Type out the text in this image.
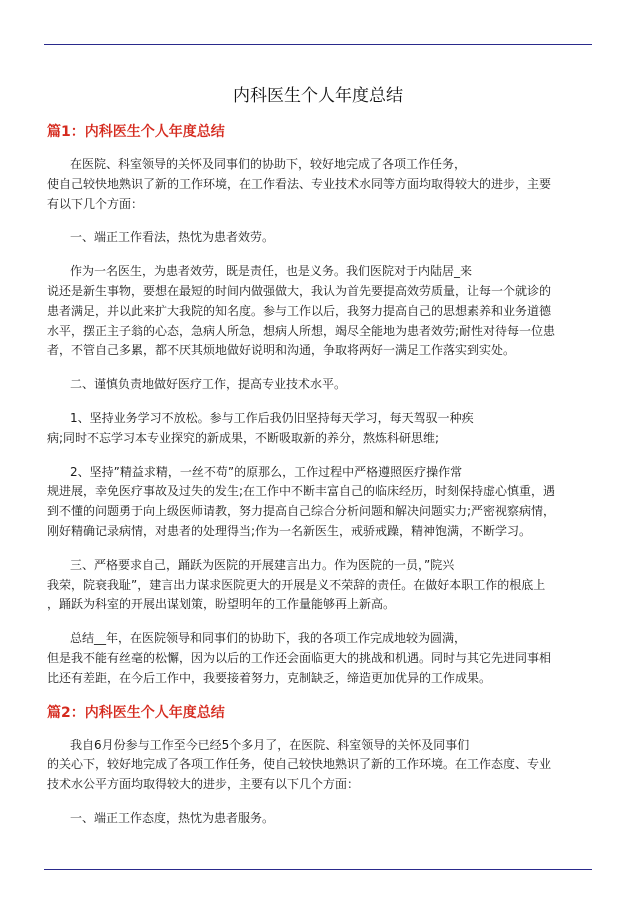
内科医生个人年度总结
篇1：内科医生个人年度总结
在医院、科室领导的关怀及同事们的协助下，较好地完成了各项工作任务，
使自己较快地熟识了新的工作环境，在工作看法、专业技术水同等方面均取得较大的进步，主要
有以下几个方面：
一、端正工作看法，热忱为患者效劳。
作为一名医生，为患者效劳，既是责任，也是义务。我们医院对于内陆居_来
说还是新生事物，要想在最短的时间内做强做大，我认为首先要提高效劳质量，让每一个就诊的
患者满足，并以此来扩大我院的知名度。参与工作以后，我努力提高自己的思想素养和业务道德
水平，摆正主子翁的心态，急病人所急，想病人所想，竭尽全能地为患者效劳;耐性对待每一位患
者，不管自己多累，都不厌其烦地做好说明和沟通，争取将两好一满足工作落实到实处。
二、谨慎负责地做好医疗工作，提高专业技术水平。
1、坚持业务学习不放松。参与工作后我仍旧坚持每天学习，每天驾驭一种疾
病;同时不忘学习本专业探究的新成果，不断吸取新的养分，熬炼科研思维;
2、坚持”精益求精，一丝不苟”的原那么，工作过程中严格遵照医疗操作常
规进展，幸免医疗事故及过失的发生;在工作中不断丰富自己的临床经历，时刻保持虚心慎重，遇
到不懂的问题勇于向上级医师请教，努力提高自己综合分析问题和解决问题实力;严密视察病情，
刚好精确记录病情，对患者的处理得当;作为一名新医生，戒骄戒躁，精神饱满，不断学习。
三、严格要求自己，踊跃为医院的开展建言出力。作为医院的一员，”院兴
我荣，院衰我耻”，建言出力谋求医院更大的开展是义不荣辞的责任。在做好本职工作的根底上
，踊跃为科室的开展出谋划策，盼望明年的工作量能够再上新高。
总结__年，在医院领导和同事们的协助下，我的各项工作完成地较为圆满，
但是我不能有丝毫的松懈，因为以后的工作还会面临更大的挑战和机遇。同时与其它先进同事相
比还有差距，在今后工作中，我要接着努力，克制缺乏，缔造更加优异的工作成果。
篇2：内科医生个人年度总结
我自6月份参与工作至今已经5个多月了，在医院、科室领导的关怀及同事们
的关心下，较好地完成了各项工作任务，使自己较快地熟识了新的工作环境。在工作态度、专业
技术水公平方面均取得较大的进步，主要有以下几个方面：
一、端正工作态度，热忱为患者服务。
